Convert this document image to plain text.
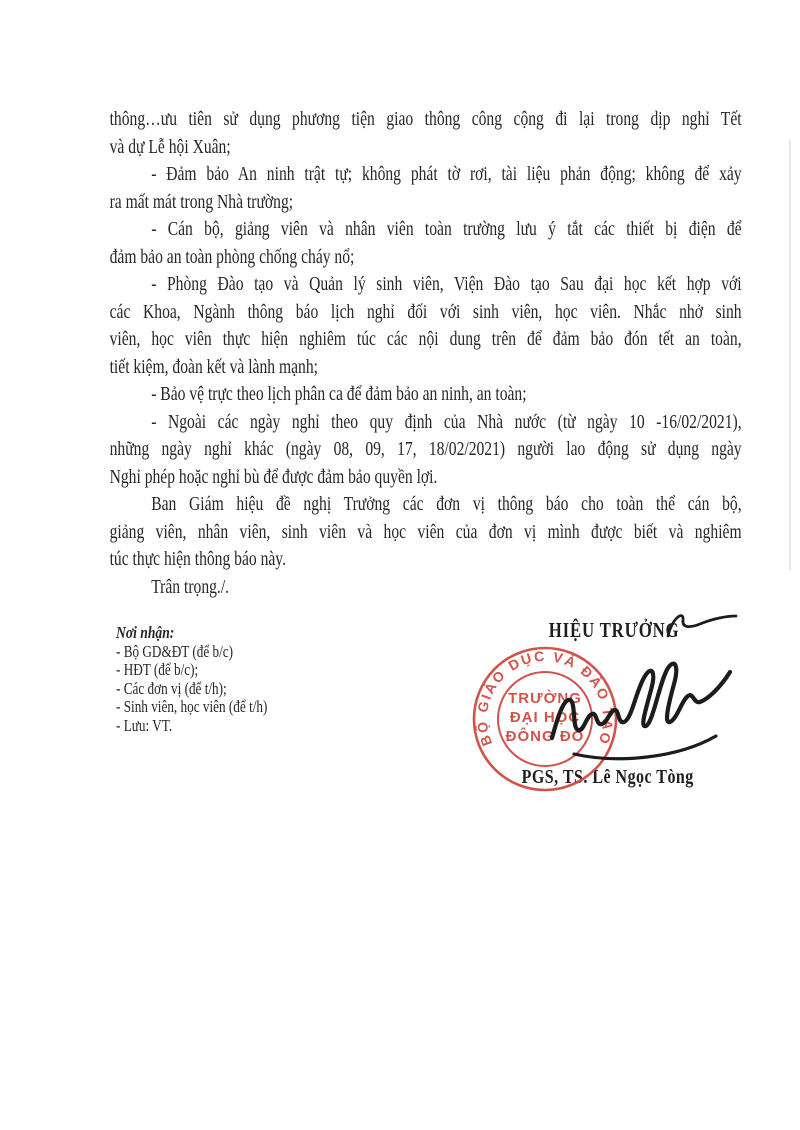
thông…ưu tiên sử dụng phương tiện giao thông công cộng đi lại trong dịp nghỉ Tết
và dự Lễ hội Xuân;
- Đảm bảo An ninh trật tự; không phát tờ rơi, tài liệu phản động; không để xảy
ra mất mát trong Nhà trường;
- Cán bộ, giảng viên và nhân viên toàn trường lưu ý tắt các thiết bị điện để
đảm bảo an toàn phòng chống cháy nổ;
- Phòng Đào tạo và Quản lý sinh viên, Viện Đào tạo Sau đại học kết hợp với
các Khoa, Ngành thông báo lịch nghỉ đối với sinh viên, học viên. Nhắc nhở sinh
viên, học viên thực hiện nghiêm túc các nội dung trên để đảm bảo đón tết an toàn,
tiết kiệm, đoàn kết và lành mạnh;
- Bảo vệ trực theo lịch phân ca để đảm bảo an ninh, an toàn;
- Ngoài các ngày nghỉ theo quy định của Nhà nước (từ ngày 10 -16/02/2021),
những ngày nghỉ khác (ngày 08, 09, 17, 18/02/2021) người lao động sử dụng ngày
Nghỉ phép hoặc nghỉ bù để được đảm bảo quyền lợi.
Ban Giám hiệu đề nghị Trưởng các đơn vị thông báo cho toàn thể cán bộ,
giảng viên, nhân viên, sinh viên và học viên của đơn vị mình được biết và nghiêm
túc thực hiện thông báo này.
Trân trọng./.
Nơi nhận:
- Bộ GD&ĐT (để b/c)
- HĐT (để b/c);
- Các đơn vị (để t/h);
- Sinh viên, học viên (để t/h)
- Lưu: VT.
HIỆU TRƯỞNG
PGS, TS. Lê Ngọc Tòng
BỘ GIÁO DỤC VÀ ĐÀO TẠO
TRƯỜNG
ĐẠI HỌC
ĐÔNG ĐÔ
